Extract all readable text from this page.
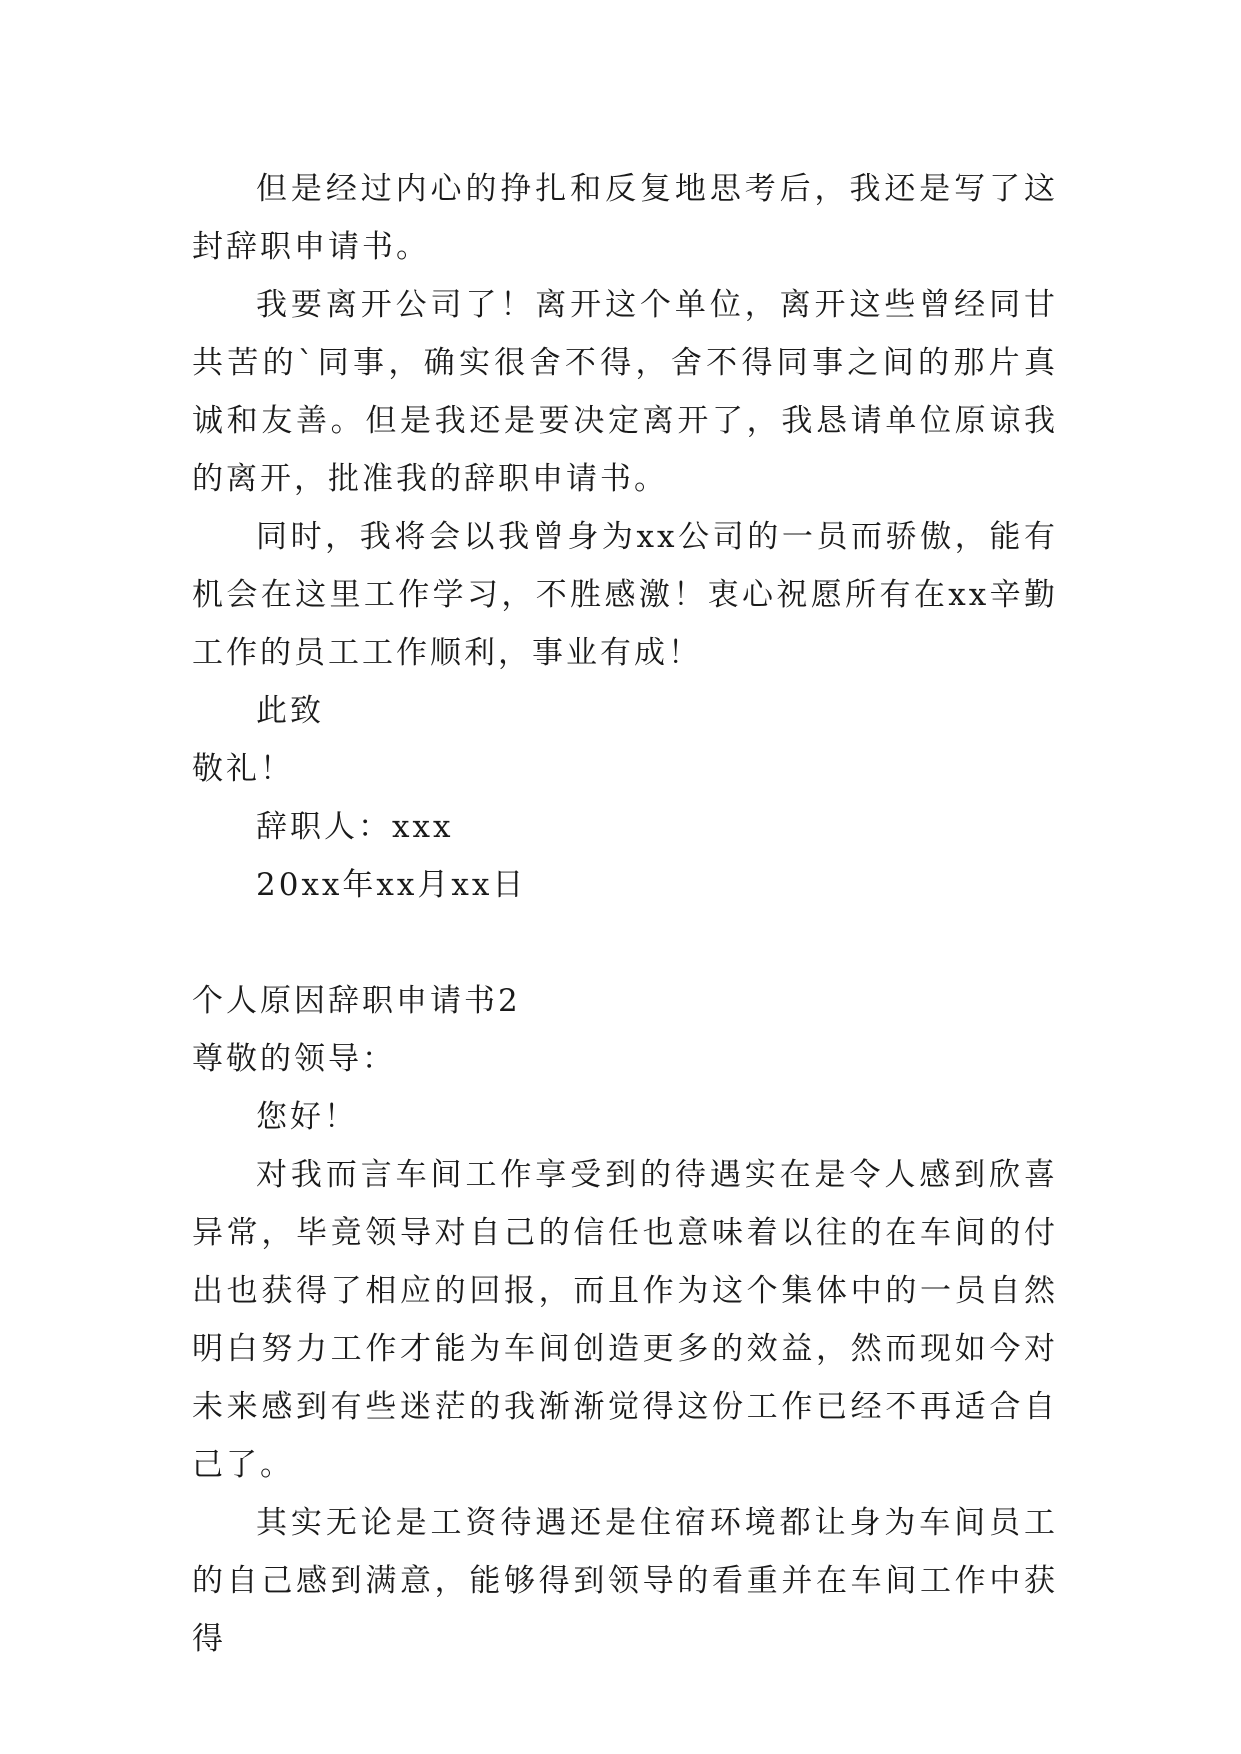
但是经过内心的挣扎和反复地思考后，我还是写了这封辞职申请书。

我要离开公司了！离开这个单位，离开这些曾经同甘共苦的`同事，确实很舍不得，舍不得同事之间的那片真诚和友善。但是我还是要决定离开了，我恳请单位原谅我的离开，批准我的辞职申请书。

同时，我将会以我曾身为xx公司的一员而骄傲，能有机会在这里工作学习，不胜感激！衷心祝愿所有在xx辛勤工作的员工工作顺利，事业有成！

此致

敬礼！

辞职人：xxx

20xx年xx月xx日

个人原因辞职申请书2

尊敬的领导：

您好！

对我而言车间工作享受到的待遇实在是令人感到欣喜异常，毕竟领导对自己的信任也意味着以往的在车间的付出也获得了相应的回报，而且作为这个集体中的一员自然明白努力工作才能为车间创造更多的效益，然而现如今对未来感到有些迷茫的我渐渐觉得这份工作已经不再适合自己了。

其实无论是工资待遇还是住宿环境都让身为车间员工的自己感到满意，能够得到领导的看重并在车间工作中获得
